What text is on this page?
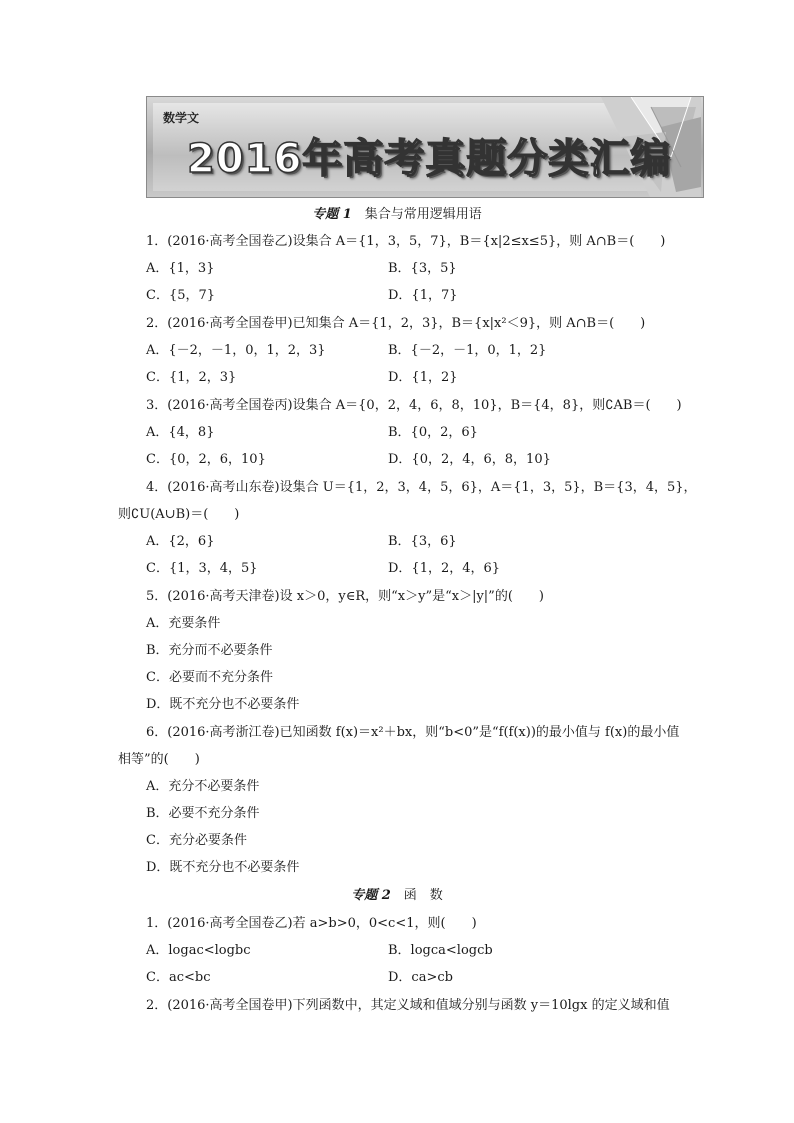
数学文
2016年高考真题分类汇编
专题 1　 集合与常用逻辑用语
1．(2016·高考全国卷乙)设集合 A＝{1，3，5，7}，B＝{x|2≤x≤5}，则 A∩B＝(　　)
A．{1，3}	B．{3，5}
C．{5，7}	D．{1，7}
2．(2016·高考全国卷甲)已知集合 A＝{1，2，3}，B＝{x|x²＜9}，则 A∩B＝(　　)
A．{－2，－1，0，1，2，3}	B．{－2，－1，0，1，2}
C．{1，2，3}	D．{1，2}
3．(2016·高考全国卷丙)设集合 A＝{0，2，4，6，8，10}，B＝{4，8}，则∁AB＝(　　)
A．{4，8}	B．{0，2，6}
C．{0，2，6，10}	D．{0，2，4，6，8，10}
4．(2016·高考山东卷)设集合 U＝{1，2，3，4，5，6}，A＝{1，3，5}，B＝{3，4，5}，
则∁U(A∪B)＝(　　)
A．{2，6}	B．{3，6}
C．{1，3，4，5}	D．{1，2，4，6}
5．(2016·高考天津卷)设 x＞0，y∈R，则“x＞y”是“x＞|y|”的(　　)
A．充要条件
B．充分而不必要条件
C．必要而不充分条件
D．既不充分也不必要条件
6．(2016·高考浙江卷)已知函数 f(x)＝x²＋bx，则“b<0”是“f(f(x))的最小值与 f(x)的最小值
相等”的(　　)
A．充分不必要条件
B．必要不充分条件
C．充分必要条件
D．既不充分也不必要条件
专题 2　 函　数
1．(2016·高考全国卷乙)若 a>b>0，0<c<1，则(　　)
A．logac<logbc	B．logca<logcb
C．ac<bc	D．ca>cb
2．(2016·高考全国卷甲)下列函数中，其定义域和值域分别与函数 y＝10lgx 的定义域和值
